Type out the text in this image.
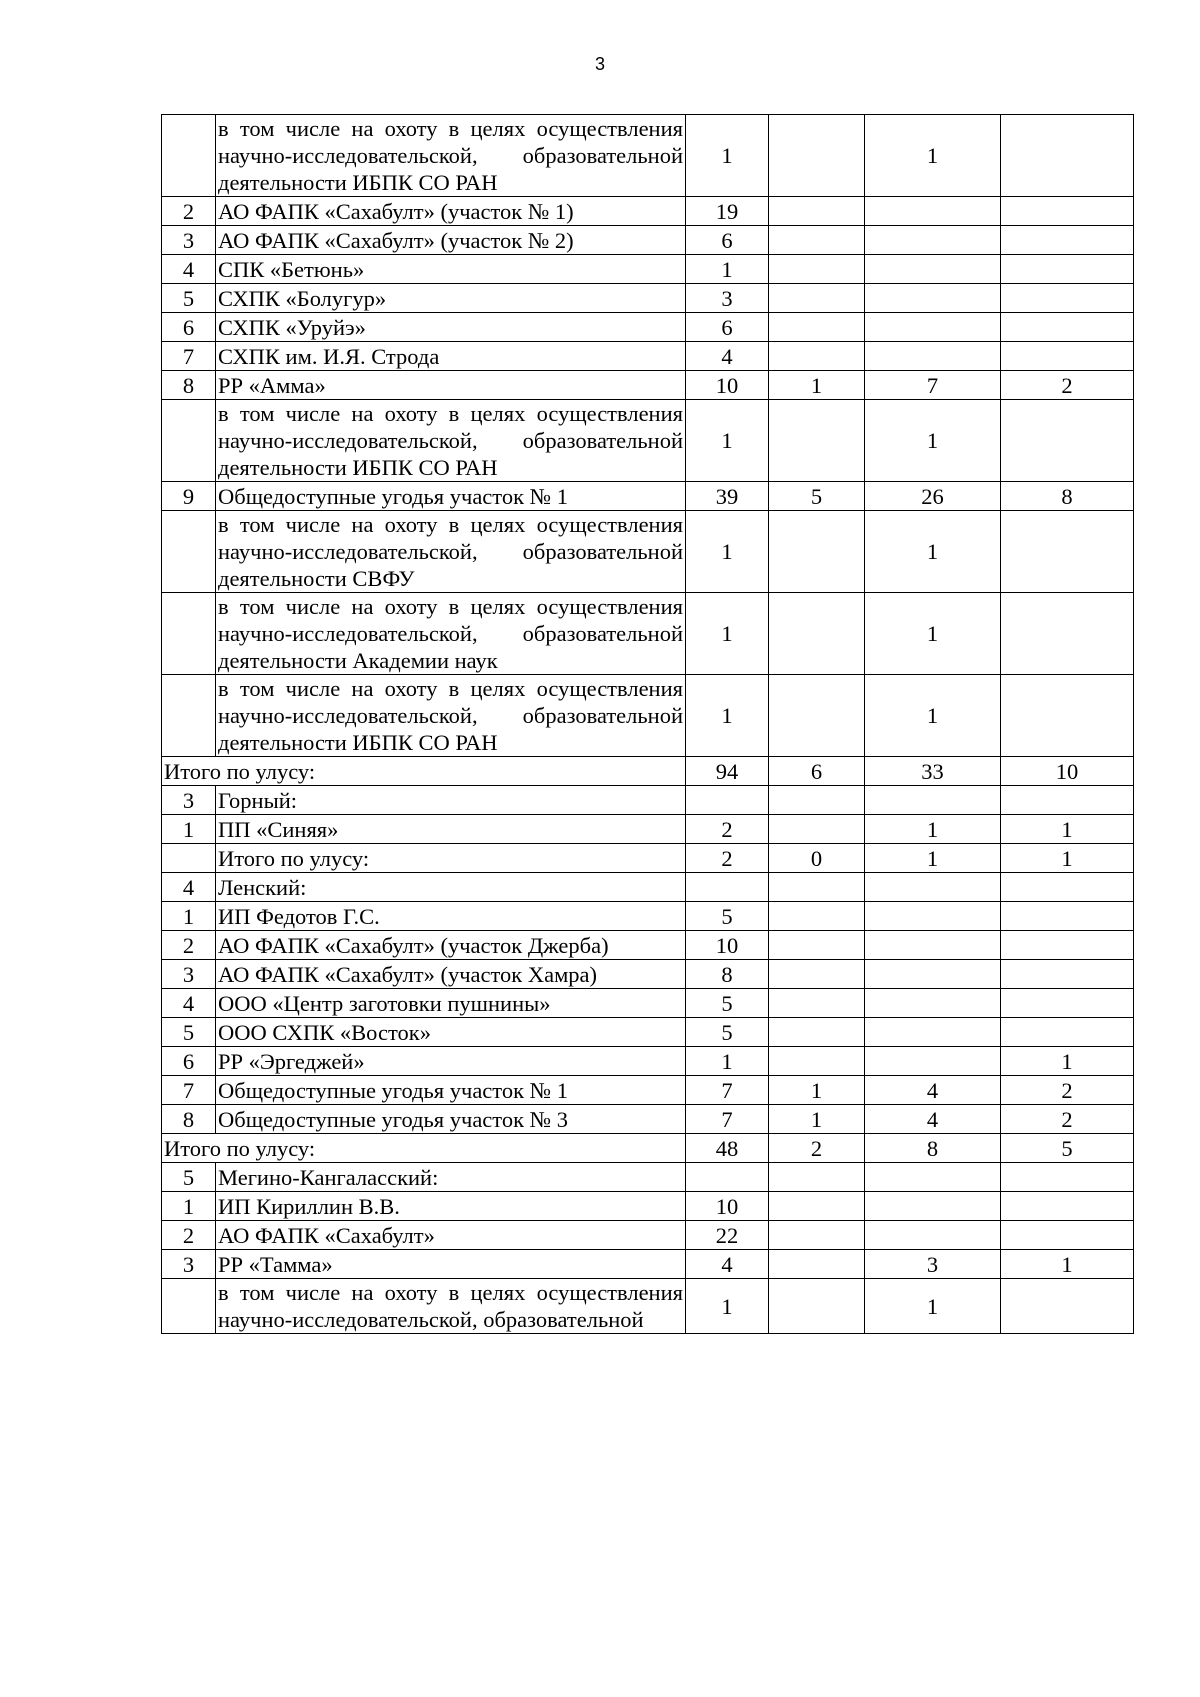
3

	в том числе на охоту в целях осуществления научно-исследовательской, образовательной деятельности ИБПК СО РАН	1		1	
2	АО ФАПК «Сахабулт» (участок № 1)	19			
3	АО ФАПК «Сахабулт» (участок № 2)	6			
4	СПК «Бетюнь»	1			
5	СХПК «Болугур»	3			
6	СХПК «Уруйэ»	6			
7	СХПК им. И.Я. Строда	4			
8	РР «Амма»	10	1	7	2

	в том числе на охоту в целях осуществления научно-исследовательской, образовательной деятельности ИБПК СО РАН	1		1	
9	Общедоступные угодья участок № 1	39	5	26	8

	в том числе на охоту в целях осуществления научно-исследовательской, образовательной деятельности СВФУ	1		1	

	в том числе на охоту в целях осуществления научно-исследовательской, образовательной деятельности Академии наук	1		1	

	в том числе на охоту в целях осуществления научно-исследовательской, образовательной деятельности ИБПК СО РАН	1		1	
Итого по улусу:		94	6	33	10
3	Горный:				
1	ПП «Синяя»	2		1	1
	Итого по улусу:	2	0	1	1
4	Ленский:				
1	ИП Федотов Г.С.	5			
2	АО ФАПК «Сахабулт» (участок Джерба)	10			
3	АО ФАПК «Сахабулт» (участок Хамра)	8			
4	ООО «Центр заготовки пушнины»	5			
5	ООО СХПК «Восток»	5			
6	РР «Эргеджей»	1			1
7	Общедоступные угодья участок № 1	7	1	4	2
8	Общедоступные угодья участок № 3	7	1	4	2
Итого по улусу:		48	2	8	5
5	Мегино-Кангаласский:				
1	ИП Кириллин В.В.	10			
2	АО ФАПК «Сахабулт»	22			
3	РР «Тамма»	4		3	1

	в том числе на охоту в целях осуществления научно-исследовательской, образовательной	1		1	
